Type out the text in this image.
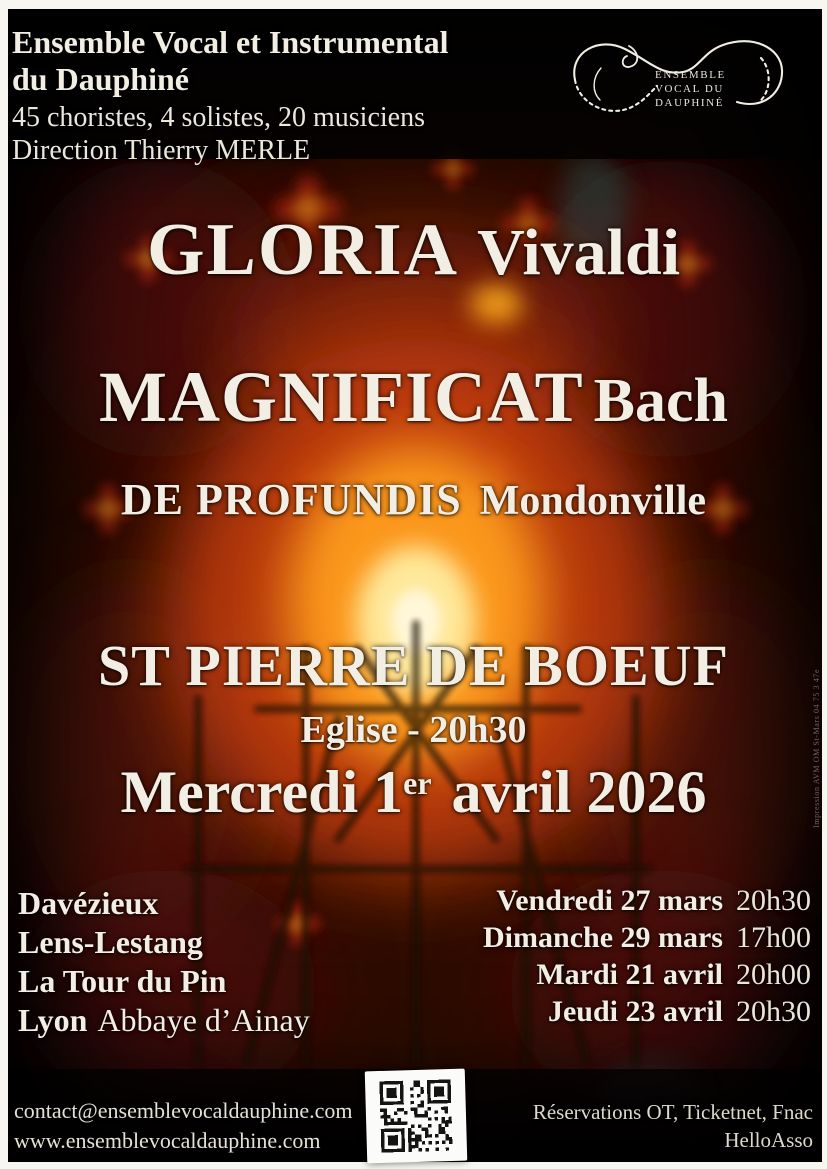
Ensemble Vocal et Instrumental
du Dauphiné
45 choristes, 4 solistes, 20 musiciens
Direction Thierry MERLE
ENSEMBLE
VOCAL DU
DAUPHINÉ
GLORIA Vivaldi
MAGNIFICAT Bach
DE PROFUNDIS Mondonville
ST PIERRE DE BOEUF
Eglise - 20h30
Mercredi 1er avril 2026
Davézieux
Lens-Lestang
La Tour du Pin
Lyon Abbaye d’Ainay
Vendredi 27 mars 20h30
Dimanche 29 mars 17h00
Mardi 21 avril 20h00
Jeudi 23 avril 20h30
contact@ensemblevocaldauphine.com
www.ensemblevocaldauphine.com
Réservations OT, Ticketnet, Fnac
HelloAsso
Impression AVM OM St-Mars 04 75 3 47e
